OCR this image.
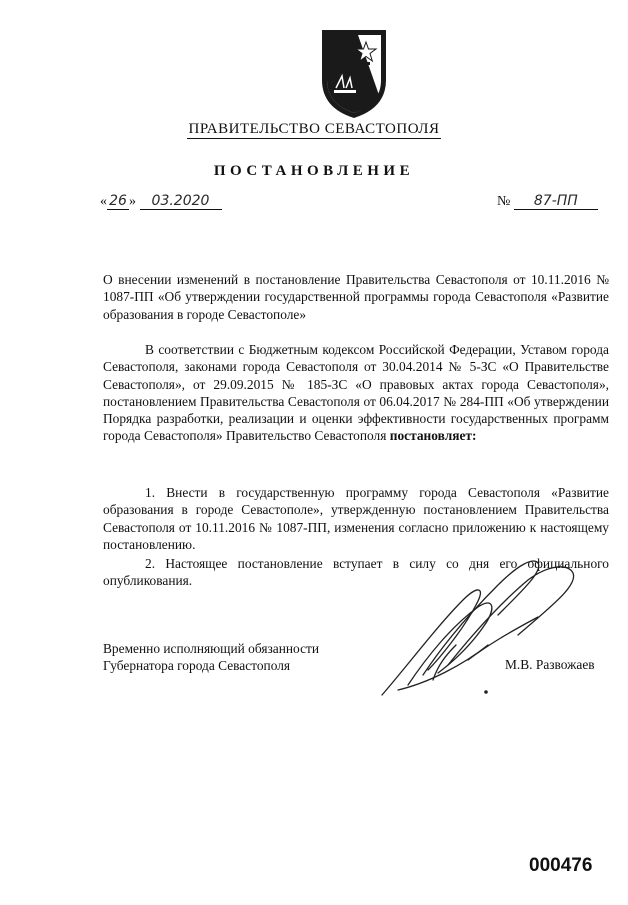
ПРАВИТЕЛЬСТВО СЕВАСТОПОЛЯ
ПОСТАНОВЛЕНИЕ
« 26 » 03.2020	№ 87-ПП
О внесении изменений в постановление Правительства Севастополя от 10.11.2016 № 1087-ПП «Об утверждении государственной программы города Севастополя «Развитие образования в городе Севастополе»
В соответствии с Бюджетным кодексом Российской Федерации, Уставом города Севастополя, законами города Севастополя от 30.04.2014 № 5-ЗС «О Правительстве Севастополя», от 29.09.2015 № 185-ЗС «О правовых актах города Севастополя», постановлением Правительства Севастополя от 06.04.2017 № 284-ПП «Об утверждении Порядка разработки, реализации и оценки эффективности государственных программ города Севастополя» Правительство Севастополя постановляет:
1. Внести в государственную программу города Севастополя «Развитие образования в городе Севастополе», утвержденную постановлением Правительства Севастополя от 10.11.2016 № 1087-ПП, изменения согласно приложению к настоящему постановлению.
2. Настоящее постановление вступает в силу со дня его официального опубликования.
Временно исполняющий обязанности
Губернатора города Севастополя	М.В. Развожаев
000476
